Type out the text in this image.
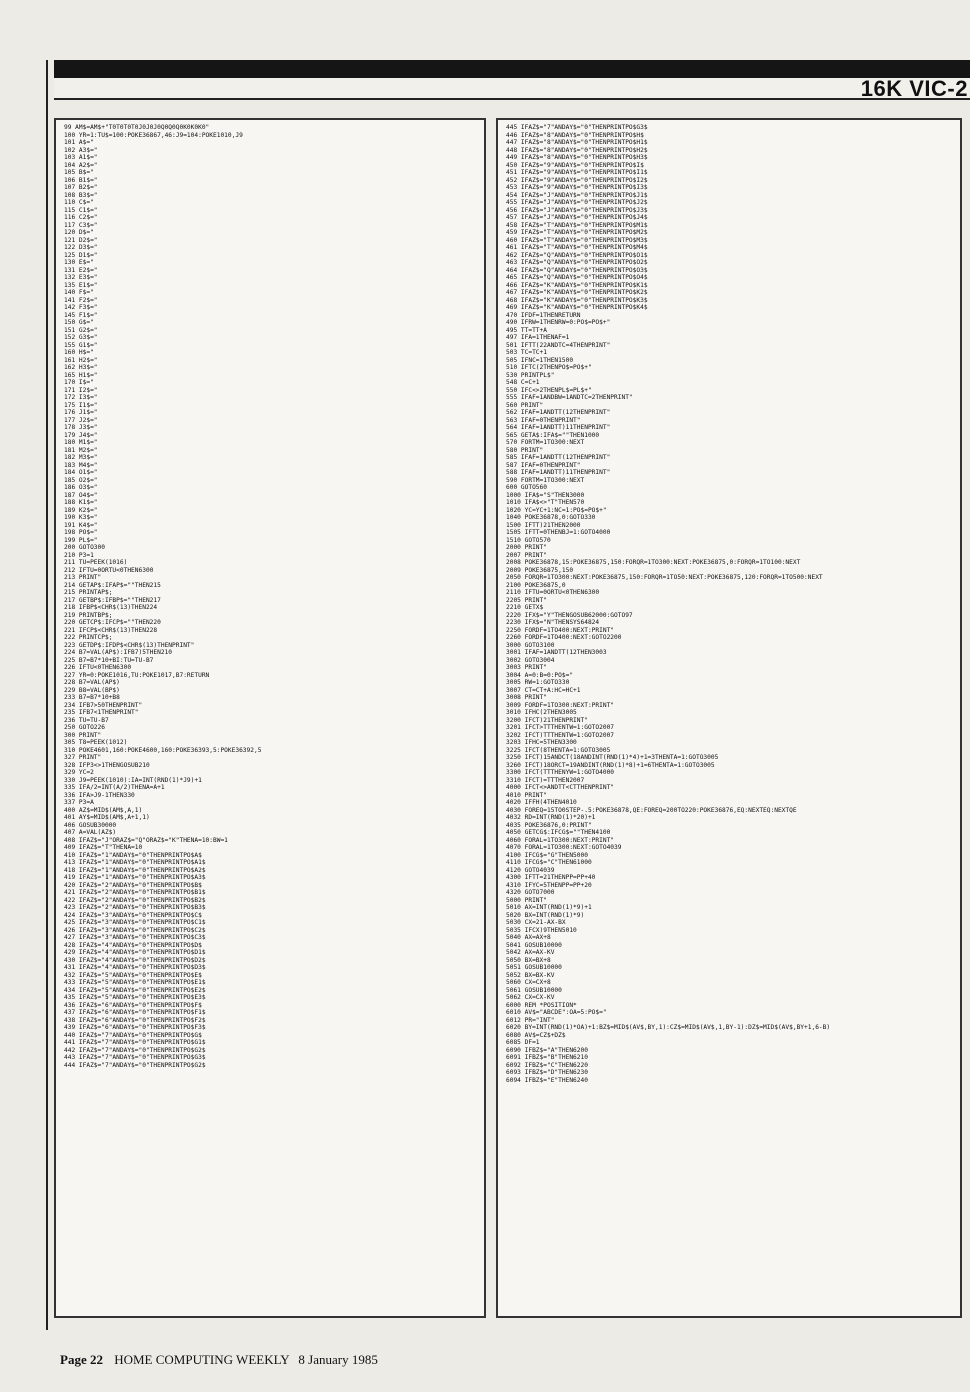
16K VIC-2
99 AM$=AM$+"T0T0T0T0J0J0J0Q0Q0Q0K0K0K0"
100 YR=1:TU$=100:POKE36867,46:J9=104:POKE1010,J9
101 A$="
102 A3$="
103 A1$="
104 A2$="
105 B$="
106 B1$="
107 B2$="
108 B3$="
110 C$="
115 C1$="
116 C2$="
117 C3$="
120 D$="
121 D2$="
122 D3$="
125 D1$="
130 E$="
131 E2$="
132 E3$="
135 E1$="
140 F$="
141 F2$="
142 F3$="
145 F1$="
150 G$="
151 G2$="
152 G3$="
155 G1$="
160 H$="
161 H2$="
162 H3$="
165 H1$="
170 I$="
171 I2$="
172 I3$="
175 I1$="
176 J1$="
177 J2$="
178 J3$="
179 J4$="
180 M1$="
181 M2$="
182 M3$="
183 M4$="
184 O1$="
185 O2$="
186 O3$="
187 O4$="
188 K1$="
189 K2$="
190 K3$="
191 K4$="
198 PO$="
199 PL$="
200 GOTO300
210 P3=1
211 TU=PEEK(1016)
212 IFTU=0ORTU<0THEN6300
213 PRINT"
214 GETAP$:IFAP$=""THEN215
215 PRINTAP$;
217 GETBP$:IFBP$=""THEN217
218 IFBP$<CHR$(13)THEN224
219 PRINTBP$;
220 GETCP$:IFCP$=""THEN220
221 IFCP$<CHR$(13)THEN228
222 PRINTCP$;
223 GETDP$:IFDP$<CHR$(13)THENPRINT"
224 B7=VAL(AP$):IFB7)5THEN210
225 B7=B7*10+BI:TU=TU-B7
226 IFTU<0THEN6300
227 YR=0:POKE1016,TU:POKE1017,B7:RETURN
228 B7=VAL(AP$)
229 B8=VAL(BP$)
233 B7=B7*10+B8
234 IFB7>50THENPRINT"
235 IFB7<1THENPRINT"
236 TU=TU-B7
250 GOTO226
300 PRINT"
305 T8=PEEK(1012)
310 POKE4601,160:POKE4600,160:POKE36393,5:POKE36392,5
327 PRINT"
328 IFP3<>1THENGOSUB210
329 YC=2
330 J9=PEEK(1010):IA=INT(RND(1)*J9)+1
335 IFA/2=INT(A/2)THENA=A+1
336 IFA>J9-1THEN330
337 P3=A
400 AZ$=MID$(AM$,A,1)
401 AY$=MID$(AM$,A+1,1)
406 GOSUB30000
407 A=VAL(AZ$)
408 IFAZ$="J"ORAZ$="Q"ORAZ$="K"THENA=10:BW=1
409 IFAZ$="T"THENA=10
410 IFAZ$="1"ANDAY$="0"THENPRINTPO$A$
413 IFAZ$="1"ANDAY$="0"THENPRINTPO$A1$
418 IFAZ$="1"ANDAY$="0"THENPRINTPO$A2$
419 IFAZ$="1"ANDAY$="0"THENPRINTPO$A3$
420 IFAZ$="2"ANDAY$="0"THENPRINTPO$B$
421 IFAZ$="2"ANDAY$="0"THENPRINTPO$B1$
422 IFAZ$="2"ANDAY$="0"THENPRINTPO$B2$
423 IFAZ$="2"ANDAY$="0"THENPRINTPO$B3$
424 IFAZ$="3"ANDAY$="0"THENPRINTPO$C$
425 IFAZ$="3"ANDAY$="0"THENPRINTPO$C1$
426 IFAZ$="3"ANDAY$="0"THENPRINTPO$C2$
427 IFAZ$="3"ANDAY$="0"THENPRINTPO$C3$
428 IFAZ$="4"ANDAY$="0"THENPRINTPO$D$
429 IFAZ$="4"ANDAY$="0"THENPRINTPO$D1$
430 IFAZ$="4"ANDAY$="0"THENPRINTPO$D2$
431 IFAZ$="4"ANDAY$="0"THENPRINTPO$D3$
432 IFAZ$="5"ANDAY$="0"THENPRINTPO$E$
433 IFAZ$="5"ANDAY$="0"THENPRINTPO$E1$
434 IFAZ$="5"ANDAY$="0"THENPRINTPO$E2$
435 IFAZ$="5"ANDAY$="0"THENPRINTPO$E3$
436 IFAZ$="6"ANDAY$="0"THENPRINTPO$F$
437 IFAZ$="6"ANDAY$="0"THENPRINTPO$F1$
438 IFAZ$="6"ANDAY$="0"THENPRINTPO$F2$
439 IFAZ$="6"ANDAY$="0"THENPRINTPO$F3$
440 IFAZ$="7"ANDAY$="0"THENPRINTPO$G$
441 IFAZ$="7"ANDAY$="0"THENPRINTPO$G1$
442 IFAZ$="7"ANDAY$="0"THENPRINTPO$G2$
443 IFAZ$="7"ANDAY$="0"THENPRINTPO$G3$
444 IFAZ$="7"ANDAY$="0"THENPRINTPO$G2$
445 IFAZ$="7"ANDAY$="0"THENPRINTPO$G3$
446 IFAZ$="8"ANDAY$="0"THENPRINTPO$H$
447 IFAZ$="8"ANDAY$="0"THENPRINTPO$H1$
448 IFAZ$="8"ANDAY$="0"THENPRINTPO$H2$
449 IFAZ$="8"ANDAY$="0"THENPRINTPO$H3$
450 IFAZ$="9"ANDAY$="0"THENPRINTPO$I$
451 IFAZ$="9"ANDAY$="0"THENPRINTPO$I1$
452 IFAZ$="9"ANDAY$="0"THENPRINTPO$I2$
453 IFAZ$="9"ANDAY$="0"THENPRINTPO$I3$
454 IFAZ$="J"ANDAY$="0"THENPRINTPO$J1$
455 IFAZ$="J"ANDAY$="0"THENPRINTPO$J2$
456 IFAZ$="J"ANDAY$="0"THENPRINTPO$J3$
457 IFAZ$="J"ANDAY$="0"THENPRINTPO$J4$
458 IFAZ$="T"ANDAY$="0"THENPRINTPO$M1$
459 IFAZ$="T"ANDAY$="0"THENPRINTPO$M2$
460 IFAZ$="T"ANDAY$="0"THENPRINTPO$M3$
461 IFAZ$="T"ANDAY$="0"THENPRINTPO$M4$
462 IFAZ$="Q"ANDAY$="0"THENPRINTPO$O1$
463 IFAZ$="Q"ANDAY$="0"THENPRINTPO$O2$
464 IFAZ$="Q"ANDAY$="0"THENPRINTPO$O3$
465 IFAZ$="Q"ANDAY$="0"THENPRINTPO$O4$
466 IFAZ$="K"ANDAY$="0"THENPRINTPO$K1$
467 IFAZ$="K"ANDAY$="0"THENPRINTPO$K2$
468 IFAZ$="K"ANDAY$="0"THENPRINTPO$K3$
469 IFAZ$="K"ANDAY$="0"THENPRINTPO$K4$
470 IFDF=1THENRETURN
490 IFRW=1THENRW=0:PO$=PO$+"
495 TT=TT+A
497 IFA=1THENAF=1
501 IFTT(22ANDTC=4THENPRINT"
503 TC=TC+1
505 IFNC=1THEN1500
510 IFTC(2THENPO$=PO$+"
530 PRINTPL$"
548 C=C+1
550 IFC<>2THENPL$=PL$+"
555 IFAF=1ANDBW=1ANDTC=2THENPRINT"
560 PRINT"
562 IFAF=1ANDTT(12THENPRINT"
563 IFAF=0THENPRINT"
564 IFAF=1ANDTT)11THENPRINT"
565 GETA$:IFA$=""THEN1000
570 FORTM=1TO300:NEXT
580 PRINT"
585 IFAF=1ANDTT(12THENPRINT"
587 IFAF=0THENPRINT"
588 IFAF=1ANDTT)11THENPRINT"
590 FORTM=1TO300:NEXT
600 GOTO560
1000 IFA$="S"THEN3000
1010 IFA$<>"T"THEN570
1020 YC=YC+1:NC=1:PO$=PO$+"
1040 POKE36878,0:GOTO330
1500 IFTT)21THEN2000
1505 IFTT=0THENBJ=1:GOTO4000
1510 GOTO570
2000 PRINT"
2007 PRINT"
2008 POKE36878,15:POKE36875,150:FORQR=1TO300:NEXT:POKE36875,0:FORQR=1TO100:NEXT
2009 POKE36875,150
2050 FORQR=1TO300:NEXT:POKE36875,150:FORQR=1TO50:NEXT:POKE36875,120:FORQR=1TO500:NEXT
2100 POKE36875,0
2110 IFTU=0ORTU<0THEN6300
2205 PRINT"
2210 GETX$
2220 IFX$="Y"THENGOSUB62000:GOTO97
2230 IFX$="N"THENSYS64824
2250 FORDF=1TO400:NEXT:PRINT"
2260 FORDF=1TO400:NEXT:GOTO2200
3000 GOTO3100
3001 IFAF=1ANDTT(12THEN3003
3002 GOTO3004
3003 PRINT"
3004 A=0:B=0:PO$="
3005 RW=1:GOTO330
3007 CT=CT+A:HC=HC+1
3008 PRINT"
3009 FORDF=1TO300:NEXT:PRINT"
3010 IFHC(2THEN3005
3200 IFCT)21THENPRINT"
3201 IFCT>TTTHENTW=1:GOTO2007
3202 IFCT)TTTHENTW=1:GOTO2007
3203 IFHC=5THEN3300
3225 IFCT(8THENTA=1:GOTO3005
3250 IFCT)15ANDCT(18ANDINT(RND(1)*4)+1=3THENTA=1:GOTO3005
3260 IFCT)18ORCT=19ANDINT(RND(1)*8)+1=6THENTA=1:GOTO3005
3300 IFCT(TTTHENYW=1:GOTO4000
3310 IFCT)=TTTHEN2007
4000 IFCT<>ANDTT<CTTHENPRINT"
4010 PRINT"
4020 IFFH(4THEN4010
4030 FOREQ=15TO0STEP-.5:POKE36878,QE:FOREQ=200TO220:POKE36876,EQ:NEXTEQ:NEXTQE
4032 RD=INT(RND(1)*20)+1
4035 POKE36876,0:PRINT"
4050 GETCG$:IFCG$=""THEN4100
4060 FORAL=1TO300:NEXT:PRINT"
4070 FORAL=1TO300:NEXT:GOTO4039
4100 IFCG$="G"THEN5000
4110 IFCG$="C"THEN61000
4120 GOTO4039
4300 IFTT=21THENPP=PP+40
4310 IFYC=5THENPP=PP+20
4320 GOTO7000
5000 PRINT"
5010 AX=INT(RND(1)*9)+1
5020 BX=INT(RND(1)*9)
5030 CX=21-AX-BX
5035 IFCX)9THEN5010
5040 AX=AX+8
5041 GOSUB10000
5042 AX=AX-KV
5050 BX=BX+8
5051 GOSUB10000
5052 BX=BX-KV
5060 CX=CX+8
5061 GOSUB10000
5062 CX=CX-KV
6000 REM *POSITION*
6010 AV$="ABCDE":OA=5:PO$="
6012 PR="INT"
6020 BY=INT(RND(1)*OA)+1:BZ$=MID$(AV$,BY,1):CZ$=MID$(AV$,1,BY-1):DZ$=MID$(AV$,BY+1,6-B)
6080 AV$=CZ$+DZ$
6085 DF=1
6090 IFBZ$="A"THEN6200
6091 IFBZ$="B"THEN6210
6092 IFBZ$="C"THEN6220
6093 IFBZ$="D"THEN6230
6094 IFBZ$="E"THEN6240
Page 22 HOME COMPUTING WEEKLY 8 January 1985
